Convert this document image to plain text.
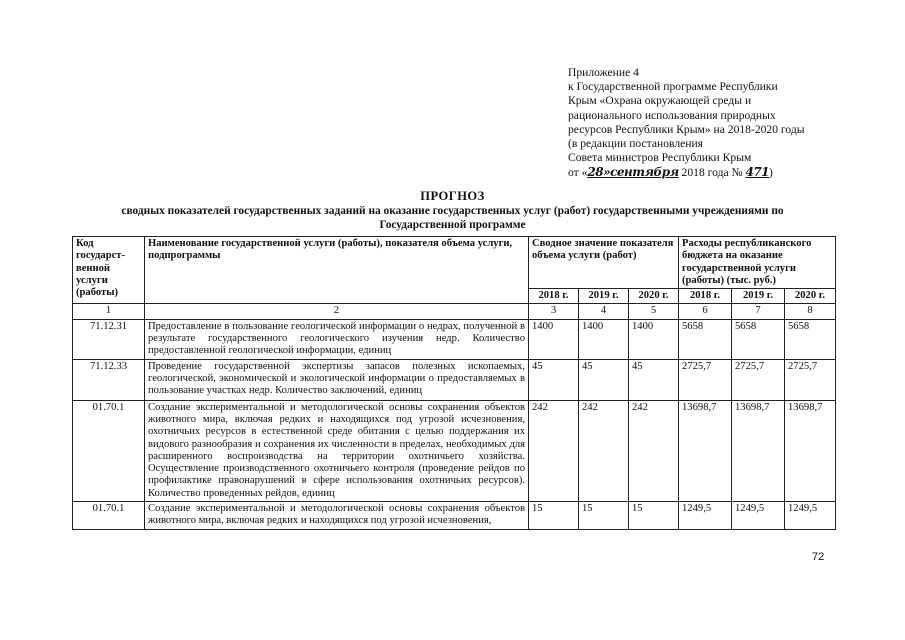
Приложение 4
к Государственной программе Республики
Крым «Охрана окружающей среды и
рационального использования природных
ресурсов Республики Крым» на 2018-2020 годы
(в редакции постановления
Совета министров Республики Крым
от «28»сентября 2018 года № 471)
ПРОГНОЗ
сводных показателей государственных заданий на оказание государственных услуг (работ) государственными учреждениями по Государственной программе
Код государст-венной услуги (работы)	Наименование государственной услуги (работы), показателя объема услуги, подпрограммы	Сводное значение показателя объема услуги (работ)			Расходы республиканского бюджета на оказание государственной услуги (работы) (тыс. руб.)		
		2018 г.	2019 г.	2020 г.	2018 г.	2019 г.	2020 г.
1	2	3	4	5	6	7	8
71.12.31	Предоставление в пользование геологической информации о недрах, полученной в результате государственного геологического изучения недр. Количество предоставленной геологической информации, единиц	1400	1400	1400	5658	5658	5658
71.12.33	Проведение государственной экспертизы запасов полезных ископаемых, геологической, экономической и экологической информации о предоставляемых в пользование участках недр. Количество заключений, единиц	45	45	45	2725,7	2725,7	2725,7
01.70.1	Создание экспериментальной и методологической основы сохранения объектов животного мира, включая редких и находящихся под угрозой исчезновения, охотничьих ресурсов в естественной среде обитания с целью поддержания их видового разнообразия и сохранения их численности в пределах, необходимых для расширенного воспроизводства на территории охотничьего хозяйства. Осуществление производственного охотничьего контроля (проведение рейдов по профилактике правонарушений в сфере использования охотничьих ресурсов). Количество проведенных рейдов, единиц	242	242	242	13698,7	13698,7	13698,7
01.70.1	Создание экспериментальной и методологической основы сохранения объектов животного мира, включая редких и находящихся под угрозой исчезновения,	15	15	15	1249,5	1249,5	1249,5
72
